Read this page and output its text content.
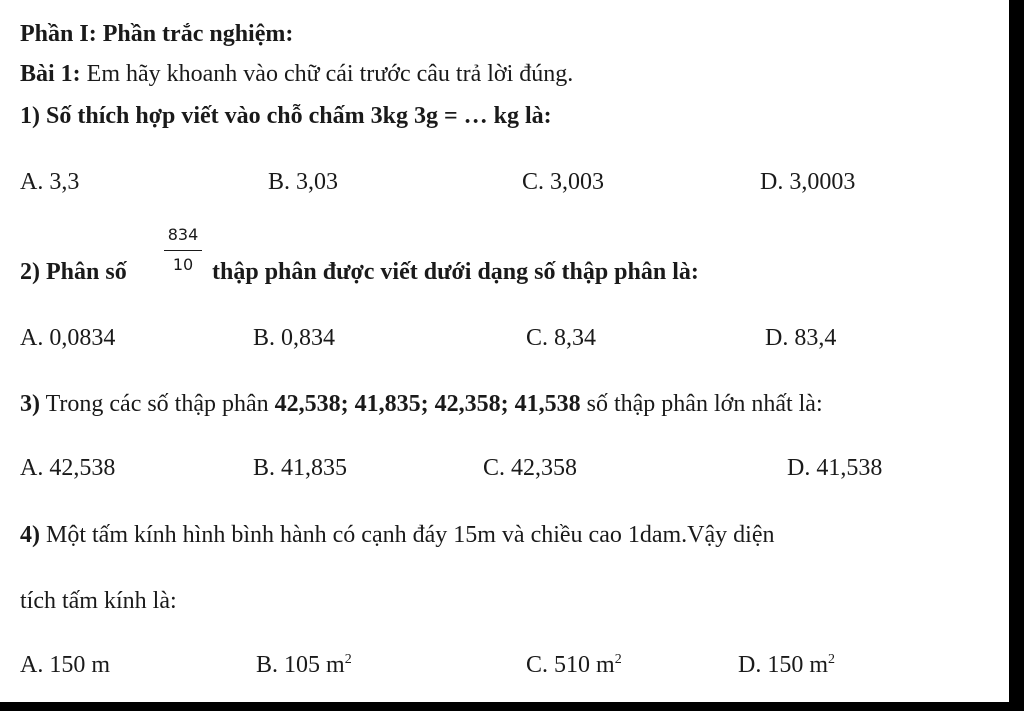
Phần I: Phần trắc nghiệm:
Bài 1: Em hãy khoanh vào chữ cái trước câu trả lời đúng.
1) Số thích hợp viết vào chỗ chấm 3kg 3g = … kg là:
A. 3,3	B. 3,03	C. 3,003	D. 3,0003
2) Phân số
834
10 thập phân được viết dưới dạng số thập phân là:
A. 0,0834	B. 0,834	C. 8,34	D. 83,4
3) Trong các số thập phân 42,538; 41,835; 42,358; 41,538 số thập phân lớn nhất là:
A. 42,538	B. 41,835	C. 42,358	D. 41,538
4) Một tấm kính hình bình hành có cạnh đáy 15m và chiều cao 1dam.Vậy diện
tích tấm kính là:
A. 150 m	B. 105 $m^2$	C. 510 $m^2$	D. 150 $m^2$
